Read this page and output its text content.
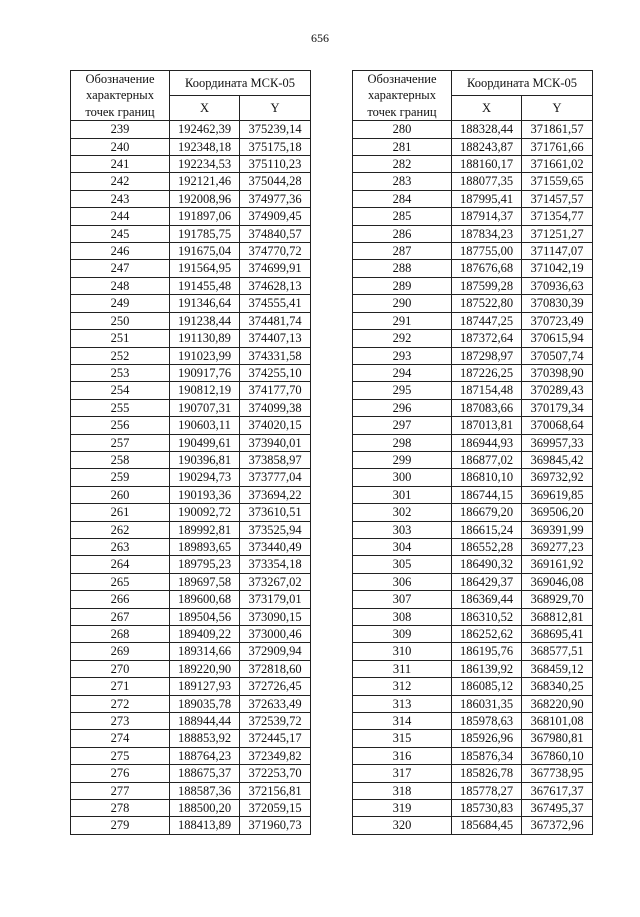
656
Обозначение характерных точек границ	Координата МСК-05	
	X	Y
239	192462,39	375239,14
240	192348,18	375175,18
241	192234,53	375110,23
242	192121,46	375044,28
243	192008,96	374977,36
244	191897,06	374909,45
245	191785,75	374840,57
246	191675,04	374770,72
247	191564,95	374699,91
248	191455,48	374628,13
249	191346,64	374555,41
250	191238,44	374481,74
251	191130,89	374407,13
252	191023,99	374331,58
253	190917,76	374255,10
254	190812,19	374177,70
255	190707,31	374099,38
256	190603,11	374020,15
257	190499,61	373940,01
258	190396,81	373858,97
259	190294,73	373777,04
260	190193,36	373694,22
261	190092,72	373610,51
262	189992,81	373525,94
263	189893,65	373440,49
264	189795,23	373354,18
265	189697,58	373267,02
266	189600,68	373179,01
267	189504,56	373090,15
268	189409,22	373000,46
269	189314,66	372909,94
270	189220,90	372818,60
271	189127,93	372726,45
272	189035,78	372633,49
273	188944,44	372539,72
274	188853,92	372445,17
275	188764,23	372349,82
276	188675,37	372253,70
277	188587,36	372156,81
278	188500,20	372059,15
279	188413,89	371960,73
Обозначение характерных точек границ	Координата МСК-05	
	X	Y
280	188328,44	371861,57
281	188243,87	371761,66
282	188160,17	371661,02
283	188077,35	371559,65
284	187995,41	371457,57
285	187914,37	371354,77
286	187834,23	371251,27
287	187755,00	371147,07
288	187676,68	371042,19
289	187599,28	370936,63
290	187522,80	370830,39
291	187447,25	370723,49
292	187372,64	370615,94
293	187298,97	370507,74
294	187226,25	370398,90
295	187154,48	370289,43
296	187083,66	370179,34
297	187013,81	370068,64
298	186944,93	369957,33
299	186877,02	369845,42
300	186810,10	369732,92
301	186744,15	369619,85
302	186679,20	369506,20
303	186615,24	369391,99
304	186552,28	369277,23
305	186490,32	369161,92
306	186429,37	369046,08
307	186369,44	368929,70
308	186310,52	368812,81
309	186252,62	368695,41
310	186195,76	368577,51
311	186139,92	368459,12
312	186085,12	368340,25
313	186031,35	368220,90
314	185978,63	368101,08
315	185926,96	367980,81
316	185876,34	367860,10
317	185826,78	367738,95
318	185778,27	367617,37
319	185730,83	367495,37
320	185684,45	367372,96
